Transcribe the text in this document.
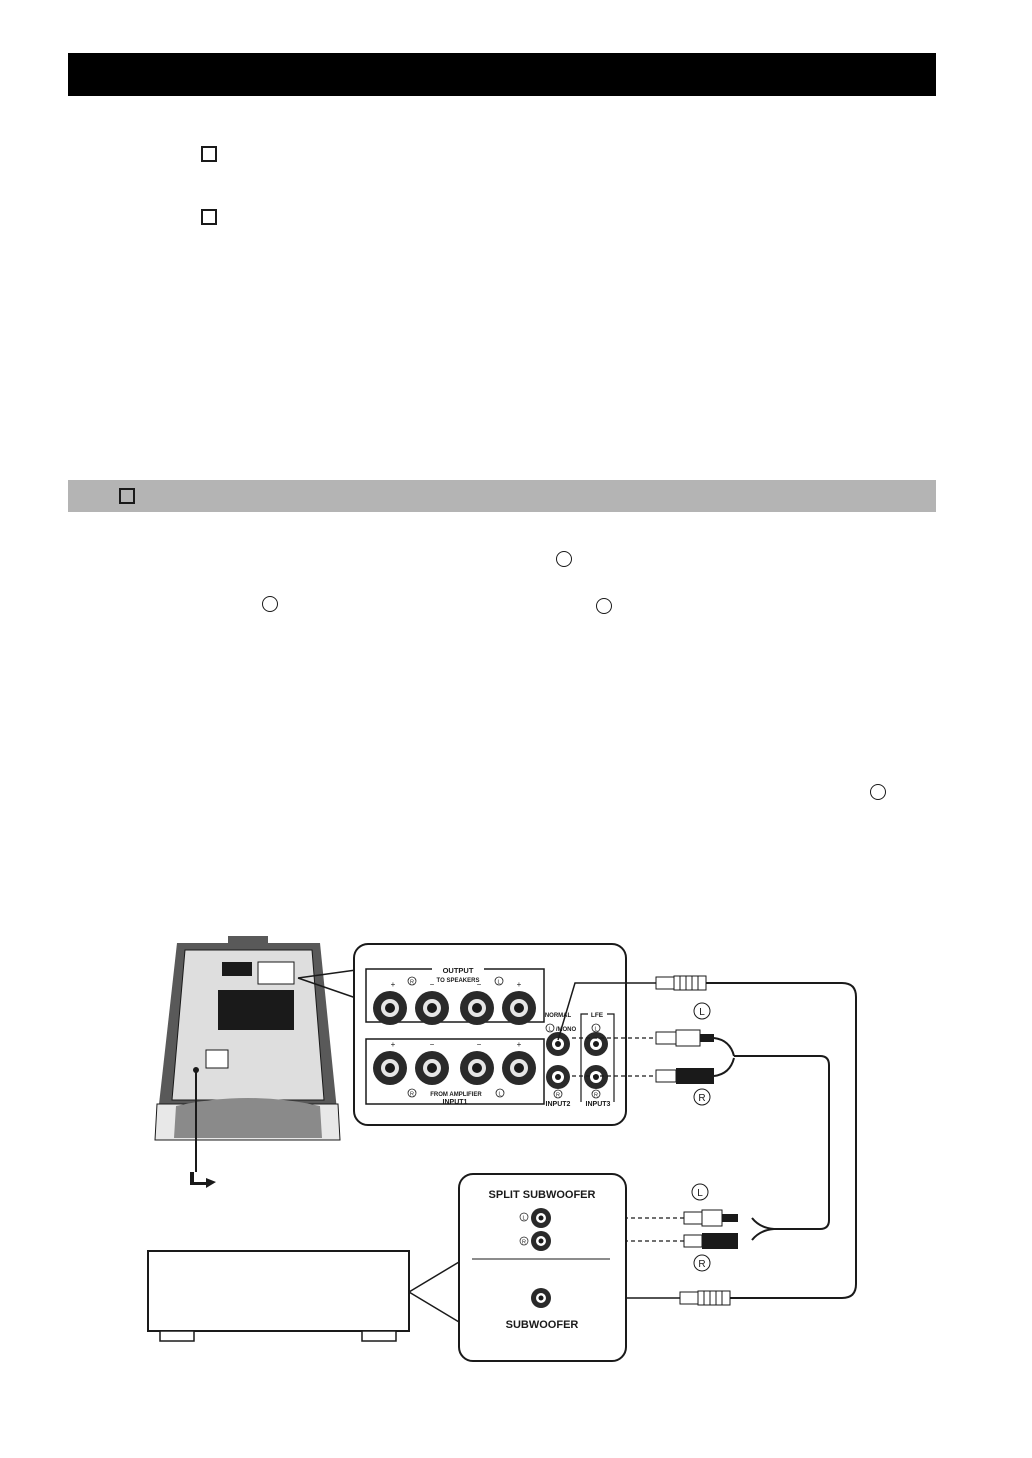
OUTPUT
TO SPEAKERS
+	−	−	+
R	L
+	−	−	+
R	FROM AMPLIFIER	L
INPUT1
NORMAL
L /MONO
LFE
L
R	R
INPUT2 INPUT3
L
R
L
R
SPLIT SUBWOOFER
L
R
SUBWOOFER
